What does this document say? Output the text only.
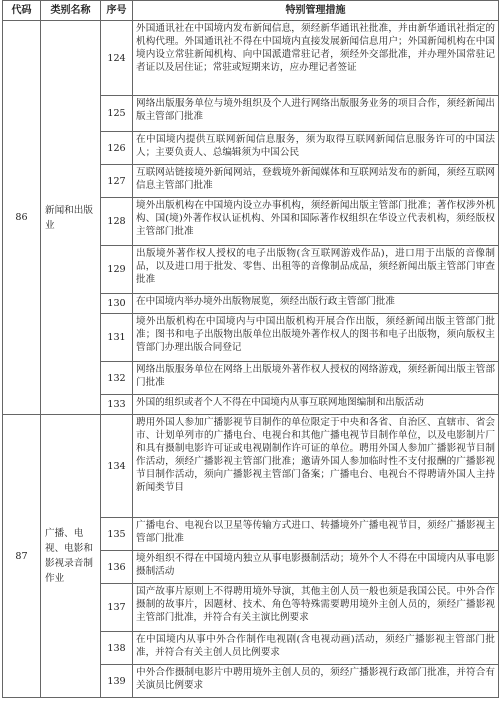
代码	类别名称	序号	特别管理措施
86	新闻和出版业	124	外国通讯社在中国境内发布新闻信息，须经新华通讯社批准，并由新华通讯社指定的机构代理。外国通讯社不得在中国境内直接发展新闻信息用户；外国新闻机构在中国境内设立常驻新闻机构、向中国派遣常驻记者，须经外交部批准，并办理外国常驻记者证以及居住证；常驻或短期来访，应办理记者签证
		125	网络出版服务单位与境外组织及个人进行网络出版服务业务的项目合作，须经新闻出版主管部门批准
		126	在中国境内提供互联网新闻信息服务，须为取得互联网新闻信息服务许可的中国法人；主要负责人、总编辑须为中国公民
		127	互联网站链接境外新闻网站，登载境外新闻媒体和互联网站发布的新闻，须经互联网信息主管部门批准
		128	境外出版机构在中国境内设立办事机构，须经新闻出版主管部门批准；著作权涉外机构、国(境)外著作权认证机构、外国和国际著作权组织在华设立代表机构，须经版权主管部门批准
		129	出版境外著作权人授权的电子出版物(含互联网游戏作品)，进口用于出版的音像制品，以及进口用于批发、零售、出租等的音像制品成品，须经新闻出版主管部门审查批准
		130	在中国境内举办境外出版物展览，须经出版行政主管部门批准
		131	境外出版机构在中国境内与中国出版机构开展合作出版，须经新闻出版主管部门批准；图书和电子出版物出版单位出版境外著作权人的图书和电子出版物，须向版权主管部门办理出版合同登记
		132	网络出版服务单位在网络上出版境外著作权人授权的网络游戏，须经新闻出版主管部门批准
		133	外国的组织或者个人不得在中国境内从事互联网地图编制和出版活动
87	广播、电视、电影和影视录音制作业	134	聘用外国人参加广播影视节目制作的单位限定于中央和各省、自治区、直辖市、省会市、计划单列市的广播电台、电视台和其他广播电视节目制作单位，以及电影制片厂和具有摄制电影许可证或电视剧制作许可证的单位。聘用外国人参加广播影视节目制作活动，须经广播影视主管部门批准；邀请外国人参加临时性不支付报酬的广播影视节目制作活动，须向广播影视主管部门备案；广播电台、电视台不得聘请外国人主持新闻类节目
		135	广播电台、电视台以卫星等传输方式进口、转播境外广播电视节目，须经广播影视主管部门批准
		136	境外组织不得在中国境内独立从事电影摄制活动；境外个人不得在中国境内从事电影摄制活动
		137	国产故事片原则上不得聘用境外导演，其他主创人员一般也须是我国公民。中外合作摄制的故事片，因题材、技术、角色等特殊需要聘用境外主创人员的，须经广播影视主管部门批准，并符合有关主演比例要求
		138	在中国境内从事中外合作制作电视剧(含电视动画)活动，须经广播影视主管部门批准，并符合有关主创人员比例要求
		139	中外合作摄制电影片中聘用境外主创人员的，须经广播影视行政部门批准，并符合有关演员比例要求
